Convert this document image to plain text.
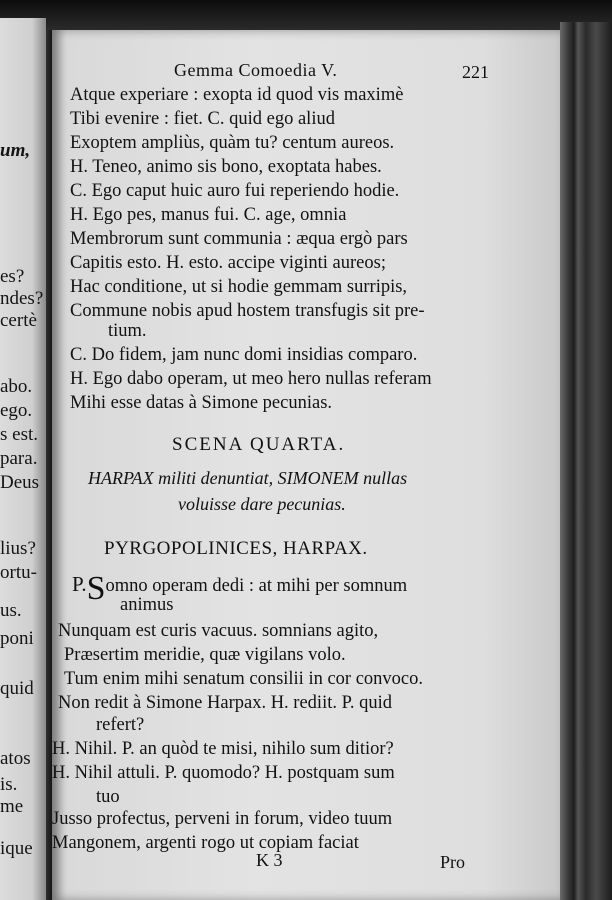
um,
es?
ndes?
certè
abo.
ego.
s est.
para.
Deus
lius?
ortu-
us.
poni
quid
atos
is.
me
ique
Gemma Comoedia V.	221
Atque experiare : exopta id quod vis maximè
Tibi evenire : fiet. C. quid ego aliud
Exoptem ampliùs, quàm tu? centum aureos.
H. Teneo, animo sis bono, exoptata habes.
C. Ego caput huic auro fui reperiendo hodie.
H. Ego pes, manus fui. C. age, omnia
Membrorum sunt communia : æqua ergò pars
Capitis esto. H. esto. accipe viginti aureos;
Hac conditione, ut si hodie gemmam surripis,
Commune nobis apud hostem transfugis sit pre-
tium.
C. Do fidem, jam nunc domi insidias comparo.
H. Ego dabo operam, ut meo hero nullas referam
Mihi esse datas à Simone pecunias.
SCENA QUARTA.
HARPAX militi denuntiat, SIMONEM nullas
voluisse dare pecunias.
PYRGOPOLINICES, HARPAX.
P.Somno operam dedi : at mihi per somnum
animus
Nunquam est curis vacuus. somnians agito,
Præsertim meridie, quæ vigilans volo.
Tum enim mihi senatum consilii in cor convoco.
Non redit à Simone Harpax. H. rediit. P. quid
refert?
H. Nihil. P. an quòd te misi, nihilo sum ditior?
H. Nihil attuli. P. quomodo? H. postquam sum
tuo
Jusso profectus, perveni in forum, video tuum
Mangonem, argenti rogo ut copiam faciat
K 3	Pro
